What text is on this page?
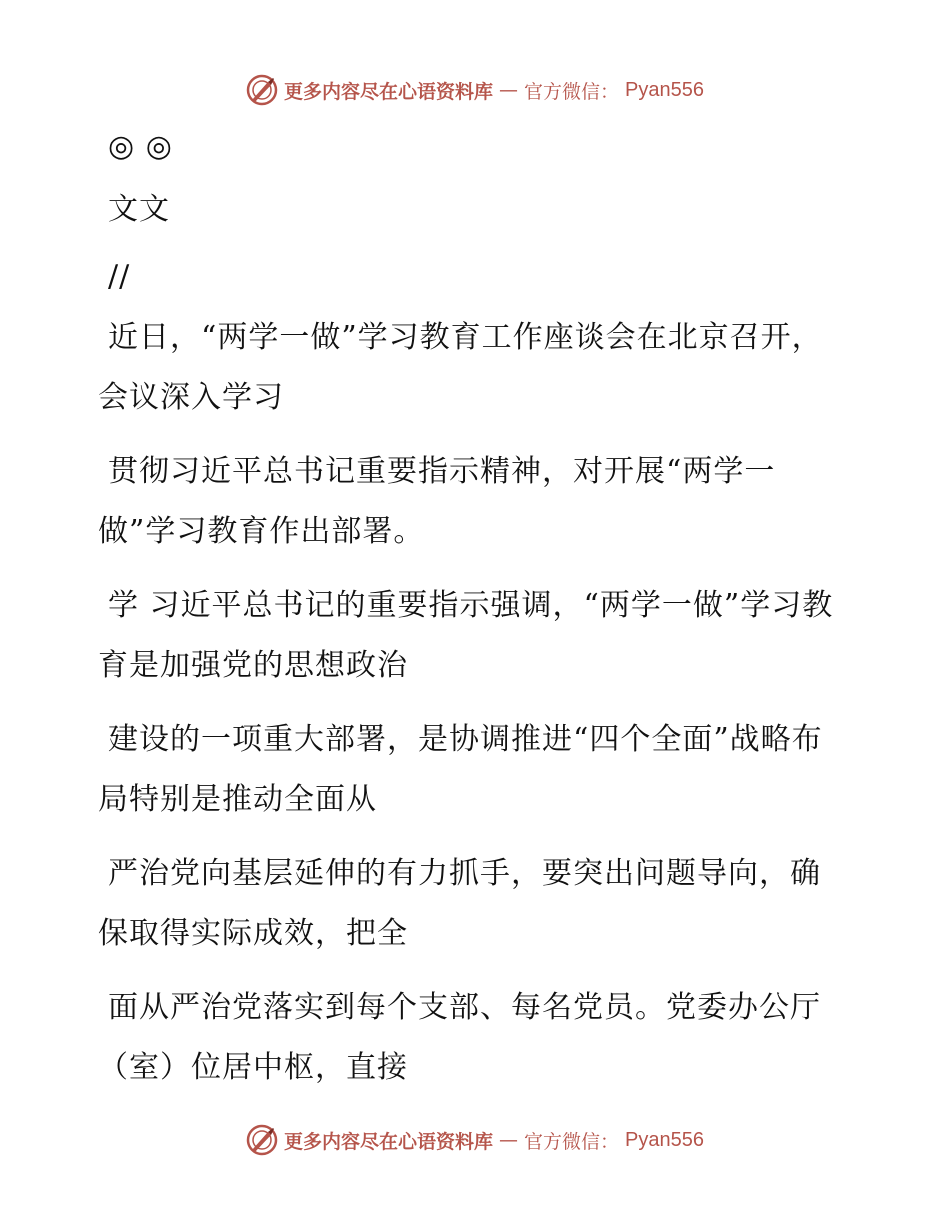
更多内容尽在心语资料库 — 官方微信： Pyan556

◎ ◎

文文

//

近日，“两学一做”学习教育工作座谈会在北京召开，会议深入学习

贯彻习近平总书记重要指示精神，对开展“两学一做”学习教育作出部署。

学 习近平总书记的重要指示强调，“两学一做”学习教育是加强党的思想政治

建设的一项重大部署，是协调推进“四个全面”战略布局特别是推动全面从

严治党向基层延伸的有力抓手，要突出问题导向，确保取得实际成效，把全

面从严治党落实到每个支部、每名党员。党委办公厅（室）位居中枢，直接

更多内容尽在心语资料库 — 官方微信： Pyan556
